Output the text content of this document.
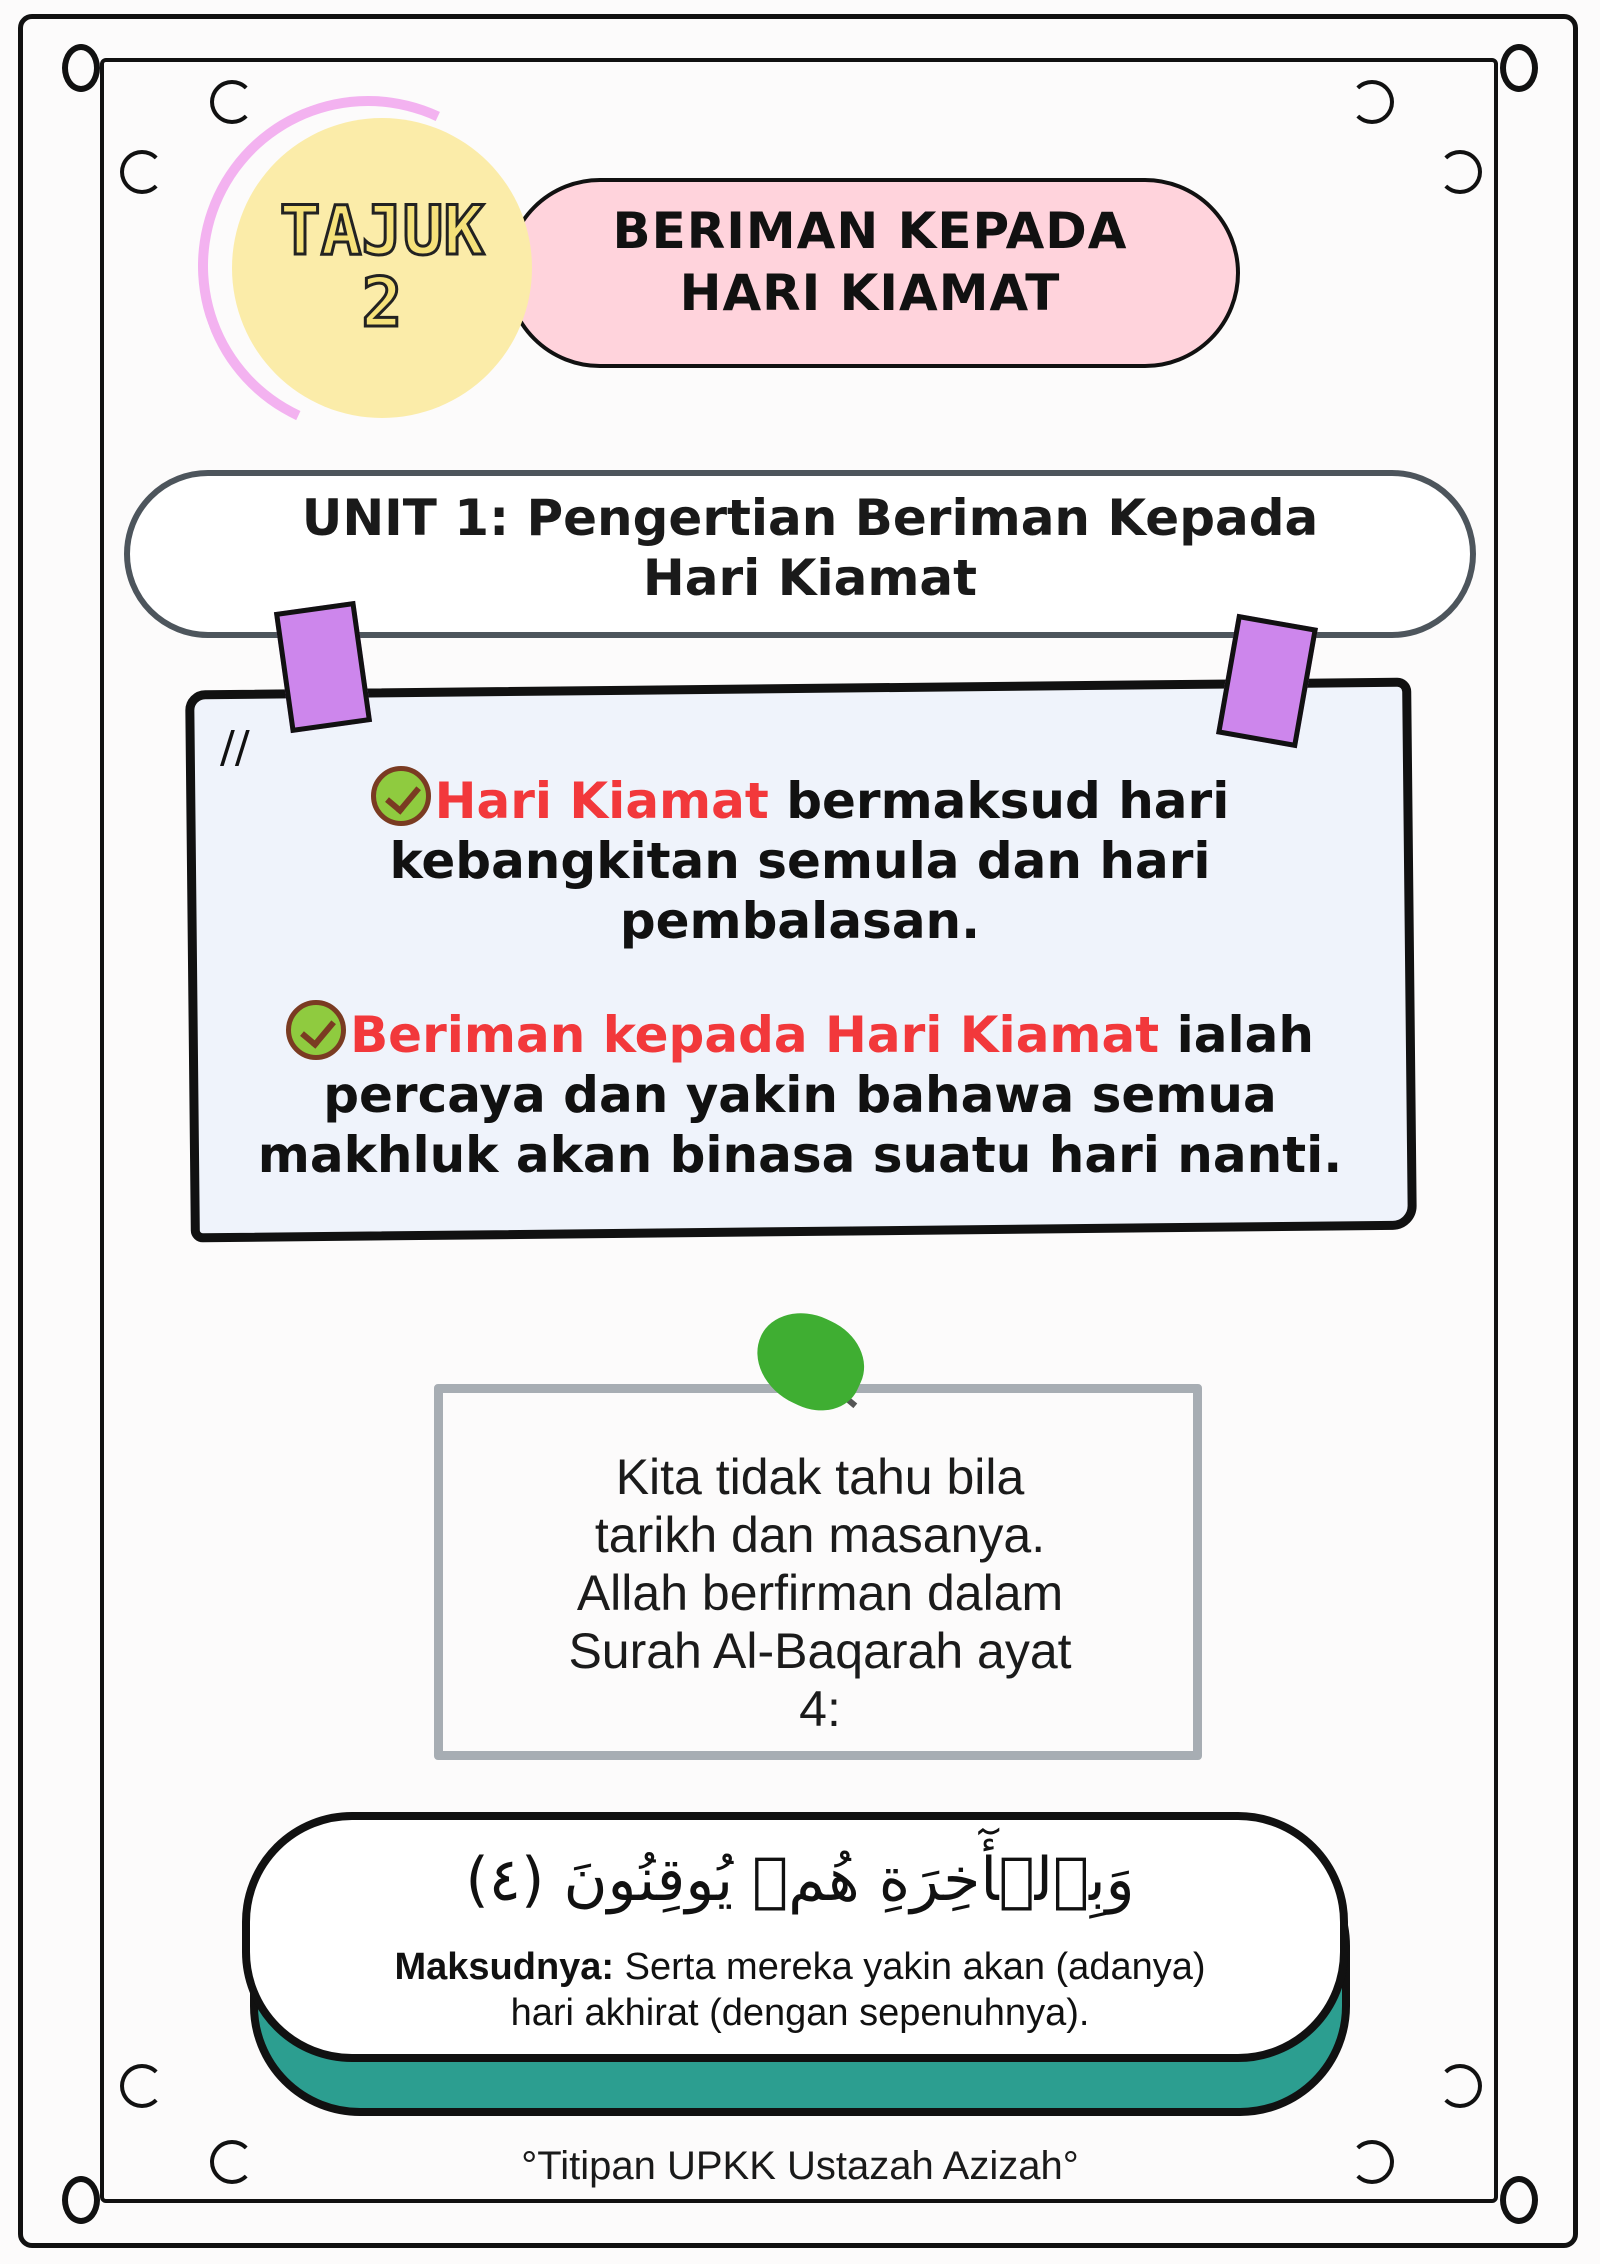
BERIMAN KEPADA
HARI KIAMAT
TAJUK
2
UNIT 1: Pengertian Beriman Kepada
Hari Kiamat
//
Hari Kiamat bermaksud hari
kebangkitan semula dan hari
pembalasan.
Beriman kepada Hari Kiamat ialah
percaya dan yakin bahawa semua
makhluk akan binasa suatu hari nanti.
Kita tidak tahu bila
tarikh dan masanya.
Allah berfirman dalam
Surah Al-Baqarah ayat
4:
وَبِٱلۡأٓخِرَةِ هُمۡ يُوقِنُونَ (٤)
Maksudnya: Serta mereka yakin akan (adanya)
hari akhirat (dengan sepenuhnya).
°Titipan UPKK Ustazah Azizah°
